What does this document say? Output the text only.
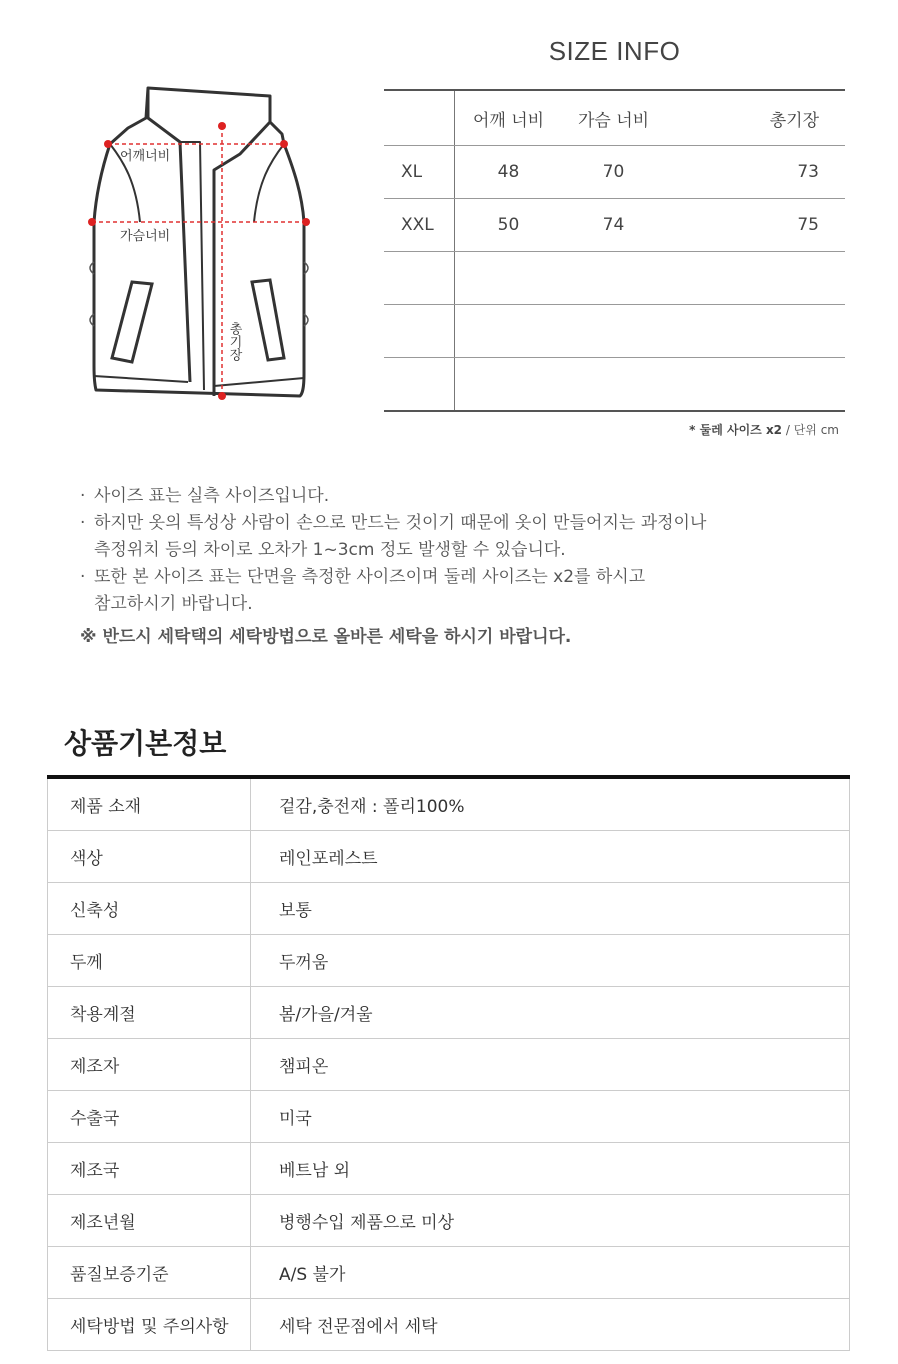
어깨너비
가슴너비
총기장
SIZE INFO
	어깨 너비	가슴 너비	총기장
XL	48	70	73
XXL	50	74	75

* 둘레 사이즈 x2 / 단위 cm

· 사이즈 표는 실측 사이즈입니다.

· 하지만 옷의 특성상 사람이 손으로 만드는 것이기 때문에 옷이 만들어지는 과정이나

측정위치 등의 차이로 오차가 1~3cm 정도 발생할 수 있습니다.

· 또한 본 사이즈 표는 단면을 측정한 사이즈이며 둘레 사이즈는 x2를 하시고

참고하시기 바랍니다.

※ 반드시 세탁택의 세탁방법으로 올바른 세탁을 하시기 바랍니다.
상품기본정보
제품 소재	겉감,충전재 : 폴리100%
색상	레인포레스트
신축성	보통
두께	두꺼움
착용계절	봄/가을/겨울
제조자	챔피온
수출국	미국
제조국	베트남 외
제조년월	병행수입 제품으로 미상
품질보증기준	A/S 불가
세탁방법 및 주의사항	세탁 전문점에서 세탁
